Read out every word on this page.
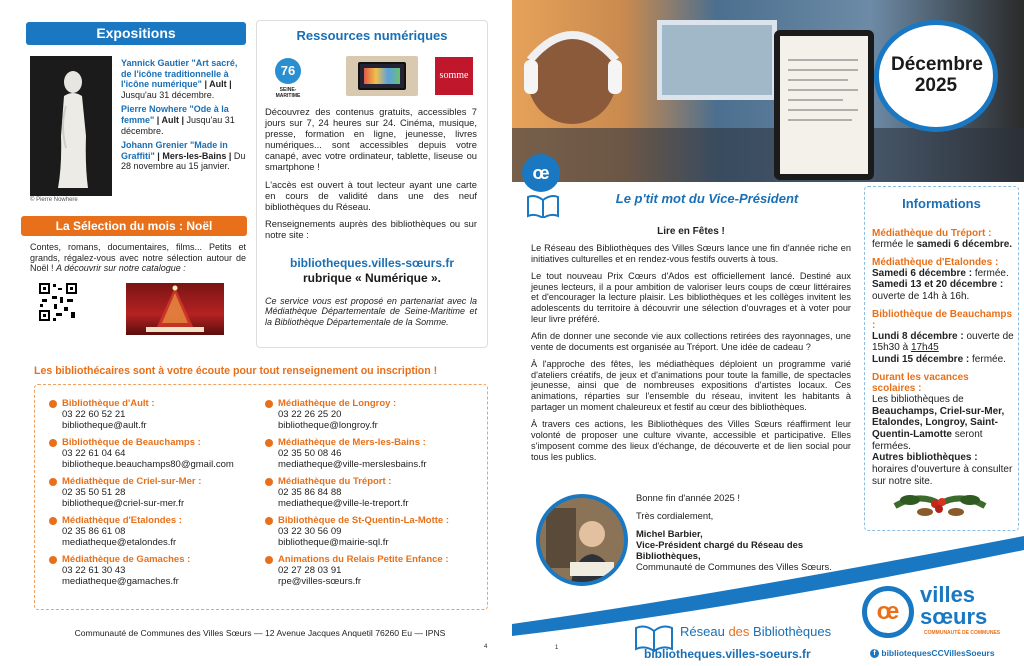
Expositions
© Pierre Nowhere

Yannick Gautier "Art sacré, de l'icône traditionnelle à l'icône numérique" | Ault | Jusqu'au 31 décembre.

Pierre Nowhere "Ode à la femme" | Ault | Jusqu'au 31 décembre.

Johann Grenier "Made in Graffiti" | Mers-les-Bains | Du 28 novembre au 15 janvier.

La Sélection du mois : Noël

Contes, romans, documentaires, films... Petits et grands, régalez-vous avec notre sélection autour de Noël ! A découvrir sur notre catalogue :

Ressources numériques
76
SEINE-MARITIME
somme

Découvrez des contenus gratuits, accessibles 7 jours sur 7, 24 heures sur 24. Cinéma, musique, presse, formation en ligne, jeunesse, livres numériques... sont accessibles depuis votre canapé, avec votre ordinateur, tablette, liseuse ou smartphone !

L'accès est ouvert à tout lecteur ayant une carte en cours de validité dans une des neuf bibliothèques du Réseau.

Renseignements auprès des bibliothèques ou sur notre site :

bibliotheques.villes-sœurs.fr
rubrique « Numérique ».
Ce service vous est proposé en partenariat avec la Médiathèque Départementale de Seine-Maritime et la Bibliothèque Départementale de la Somme.
Les bibliothécaires sont à votre écoute pour tout renseignement ou inscription !
Bibliothèque d'Ault :
03 22 60 52 21
bibliotheque@ault.fr
Bibliothèque de Beauchamps :
03 22 61 04 64
bibliotheque.beauchamps80@gmail.com
Médiathèque de Criel-sur-Mer :
02 35 50 51 28
bibliotheque@criel-sur-mer.fr
Médiathèque d'Etalondes :
02 35 86 61 08
mediatheque@etalondes.fr
Médiathèque de Gamaches :
03 22 61 30 43
mediatheque@gamaches.fr
Médiathèque de Longroy :
03 22 26 25 20
bibliotheque@longroy.fr
Médiathèque de Mers-les-Bains :
02 35 50 08 46
mediatheque@ville-merslesbains.fr
Médiathèque du Tréport :
02 35 86 84 88
mediatheque@ville-le-treport.fr
Bibliothèque de St-Quentin-La-Motte :
03 22 30 56 09
bibliotheque@mairie-sql.fr
Animations du Relais Petite Enfance :
02 27 28 03 91
rpe@villes-sœurs.fr
Communauté de Communes des Villes Sœurs — 12 Avenue Jacques Anquetil 76260 Eu — IPNS
4
Décembre 2025
œ
Le p'tit mot du Vice-Président
Lire en Fêtes !

Le Réseau des Bibliothèques des Villes Sœurs lance une fin d'année riche en initiatives culturelles et en rendez-vous festifs ouverts à tous.

Le tout nouveau Prix Cœurs d'Ados est officiellement lancé. Destiné aux jeunes lecteurs, il a pour ambition de valoriser leurs coups de cœur littéraires et d'encourager la lecture plaisir. Les bibliothèques et les collèges invitent les adolescents du territoire à découvrir une sélection d'ouvrages et à voter pour leur livre préféré.

Afin de donner une seconde vie aux collections retirées des rayonnages, une vente de documents est organisée au Tréport. Une idée de cadeau ?

À l'approche des fêtes, les médiathèques déploient un programme varié d'ateliers créatifs, de jeux et d'animations pour toute la famille, de spectacles jeunesse, ainsi que de nombreuses expositions d'artistes locaux. Ces animations, réparties sur l'ensemble du réseau, invitent les habitants à partager un moment chaleureux et festif au cœur des bibliothèques.

À travers ces actions, les Bibliothèques des Villes Sœurs réaffirment leur volonté de proposer une culture vivante, accessible et participative. Elles s'imposent comme des lieux d'échange, de découverte et de lien social pour tous les publics.

Bonne fin d'année 2025 !

Très cordialement,

Michel Barbier,

Vice-Président chargé du Réseau des Bibliothèques,

Communauté de Communes des Villes Sœurs.

Informations
Médiathèque du Tréport :
fermée le samedi 6 décembre.
Médiathèque d'Etalondes :
Samedi 6 décembre : fermée.
Samedi 13 et 20 décembre : ouverte de 14h à 16h.
Bibliothèque de Beauchamps :
Lundi 8 décembre : ouverte de 15h30 à 17h45
Lundi 15 décembre : fermée.
Durant les vacances scolaires :
Les bibliothèques de Beauchamps, Criel-sur-Mer, Etalondes, Longroy, Saint-Quentin-Lamotte seront fermées.
Autres bibliothèques : horaires d'ouverture à consulter sur notre site.
Réseau des Bibliothèques
bibliotheques.villes-soeurs.fr
1
œ
villes
sœurs
COMMUNAUTÉ DE COMMUNES
f bibliotequesCCVillesSoeurs
